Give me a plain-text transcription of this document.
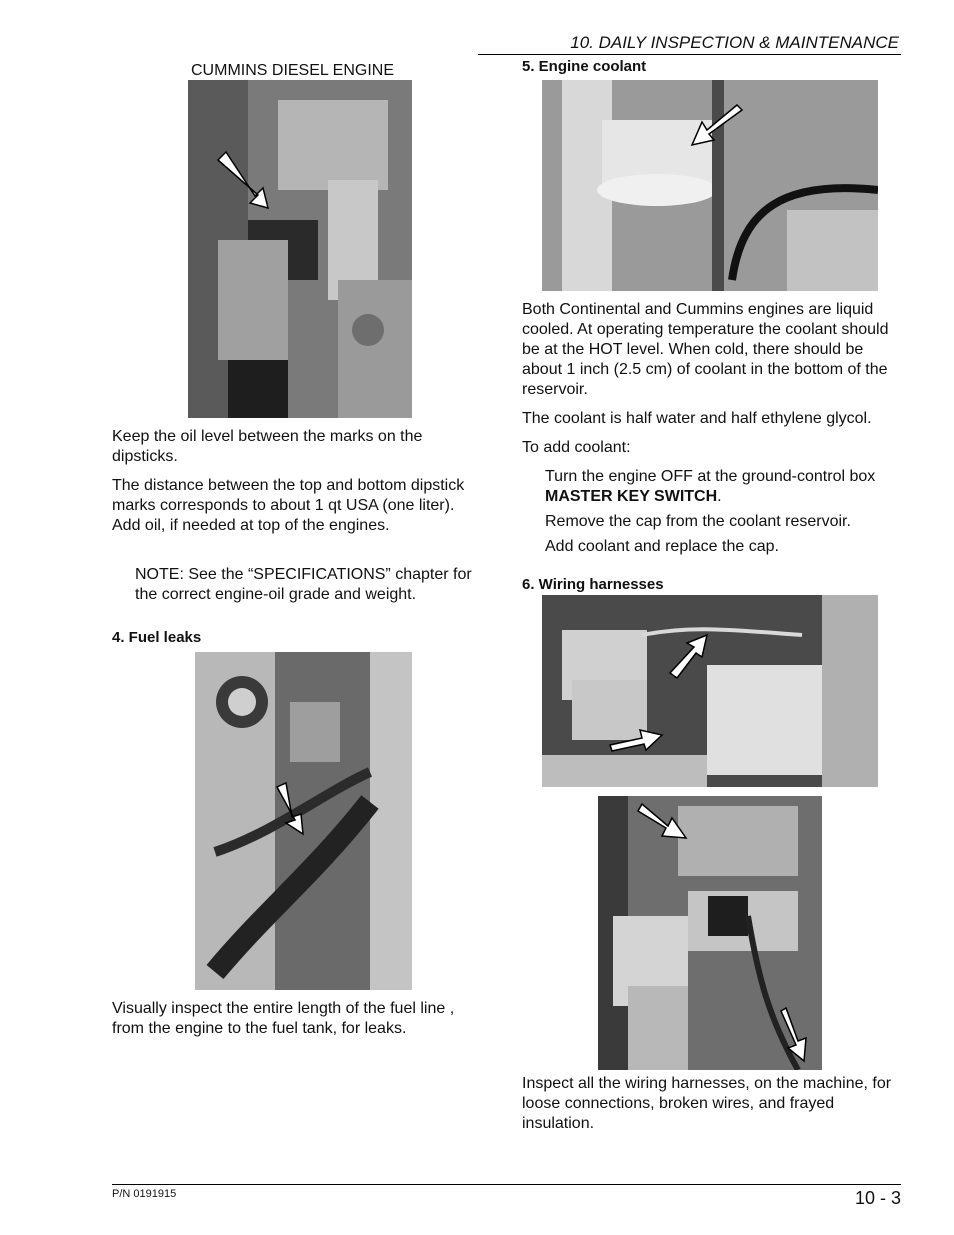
10. DAILY INSPECTION & MAINTENANCE
CUMMINS DIESEL ENGINE

Keep the oil level between the marks on the dipsticks.

The distance between the top and bottom dipstick marks corresponds to about 1 qt USA (one liter). Add oil, if needed at top of the engines.

NOTE: See the “SPECIFICATIONS” chapter for the correct engine-oil grade and weight.

4. Fuel leaks

Visually inspect the entire length of the fuel line , from the engine to the fuel tank, for leaks.

5. Engine coolant

Both Continental and Cummins engines are liquid cooled. At operating temperature the coolant should be at the HOT level. When cold, there should be about 1 inch (2.5 cm) of coolant in the bottom of the reservoir.

The coolant is half water and half ethylene glycol.

To add coolant:

Turn the engine OFF at the ground-control box MASTER KEY SWITCH.

Remove the cap from the coolant reservoir.

Add coolant and replace the cap.

6. Wiring harnesses

Inspect all the wiring harnesses, on the machine, for loose connections, broken wires, and frayed insulation.

P/N 0191915	10 - 3
